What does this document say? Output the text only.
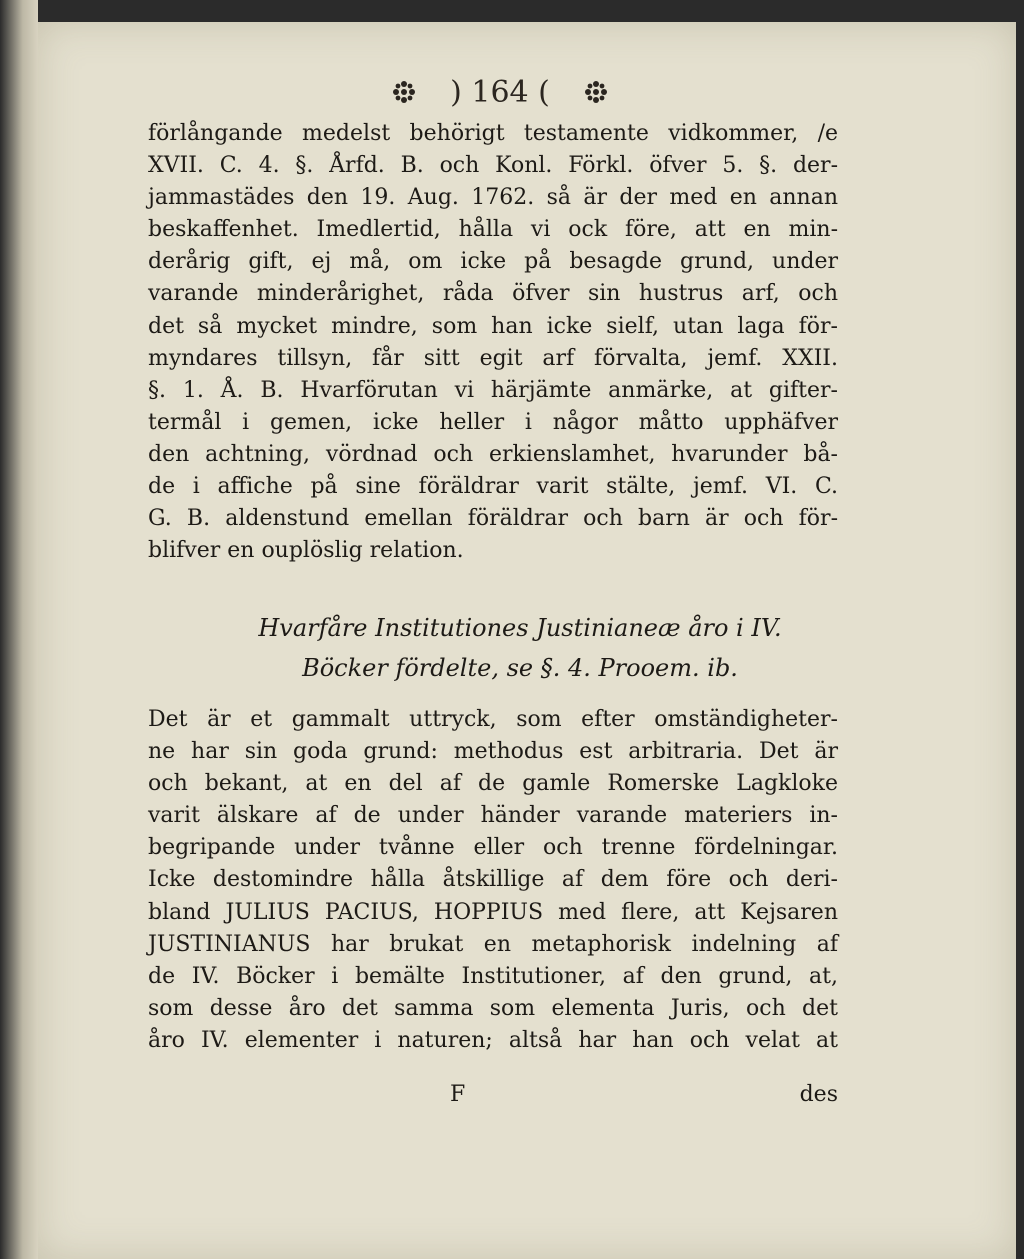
) 164 (
förlångande medelst behörigt testamente vidkommer, /e
XVII. C. 4. §. Årfd. B. och Konl. Förkl. öfver 5. §. der-
jammastädes den 19. Aug. 1762. så är der med en annan
beskaffenhet. Imedlertid, hålla vi ock före, att en min-
derårig gift, ej må, om icke på besagde grund, under
varande minderårighet, råda öfver sin hustrus arf, och
det så mycket mindre, som han icke sielf, utan laga för-
myndares tillsyn, får sitt egit arf förvalta, jemf. XXII.
§. 1. Å. B. Hvarförutan vi härjämte anmärke, at gifter-
termål i gemen, icke heller i någor måtto upphäfver
den achtning, vördnad och erkienslamhet, hvarunder bå-
de i affiche på sine föräldrar varit stälte, jemf. VI. C.
G. B. aldenstund emellan föräldrar och barn är och för-
blifver en ouplöslig relation.
Hvarfåre Institutiones Justinianeæ åro i IV.
Böcker fördelte, se §. 4. Prooem. ib.
Det är et gammalt uttryck, som efter omständigheter-
ne har sin goda grund: methodus est arbitraria. Det är
och bekant, at en del af de gamle Romerske Lagkloke
varit älskare af de under händer varande materiers in-
begripande under tvånne eller och trenne fördelningar.
Icke destomindre hålla åtskillige af dem före och deri-
bland JULIUS PACIUS, HOPPIUS med flere, att Kejsaren
JUSTINIANUS har brukat en metaphorisk indelning af
de IV. Böcker i bemälte Institutioner, af den grund, at,
som desse åro det samma som elementa Juris, och det
åro IV. elementer i naturen; altså har han och velat at
F	des
